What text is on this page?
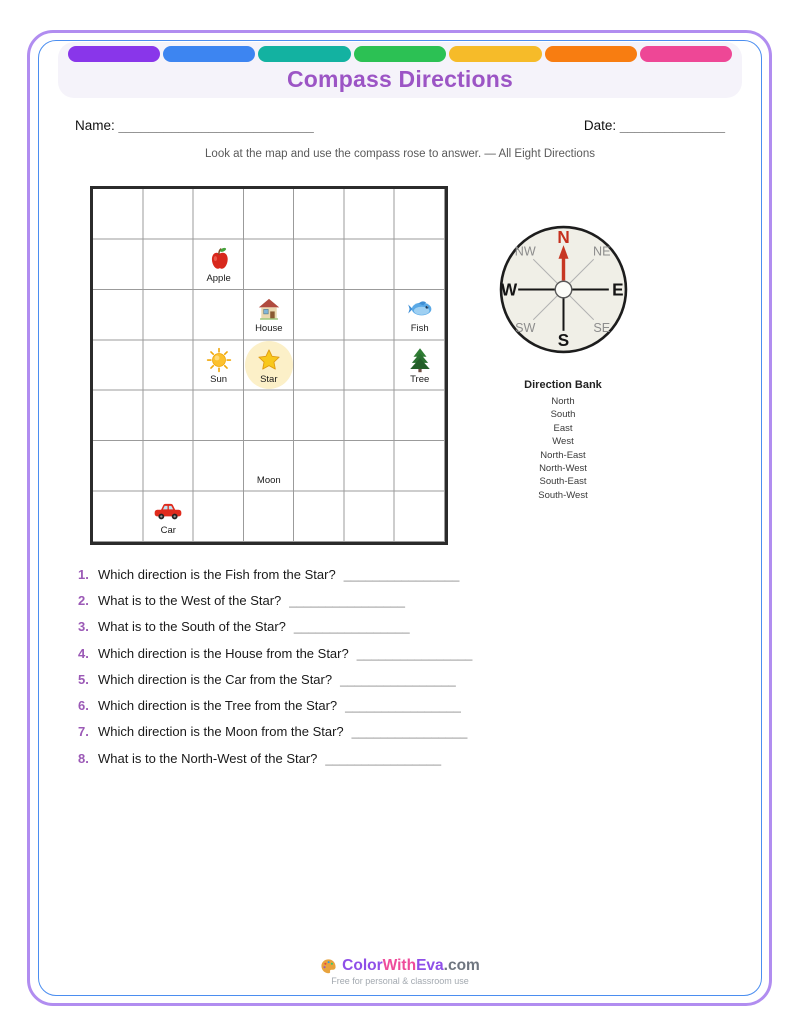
Compass Directions
Name: __________________________	Date: ______________
Look at the map and use the compass rose to answer. — All Eight Directions
Apple
House	Fish
Sun	Star	Tree
Moon
Car
N
S
W	E
NW	NE
SW	SE
Direction Bank
North
South
East
West
North-East
North-West
South-East
South-West
1. Which direction is the Fish from the Star? ________________
2. What is to the West of the Star? ________________
3. What is to the South of the Star? ________________
4. Which direction is the House from the Star? ________________
5. Which direction is the Car from the Star? ________________
6. Which direction is the Tree from the Star? ________________
7. Which direction is the Moon from the Star? ________________
8. What is to the North-West of the Star? ________________
ColorWithEva.com
Free for personal & classroom use
